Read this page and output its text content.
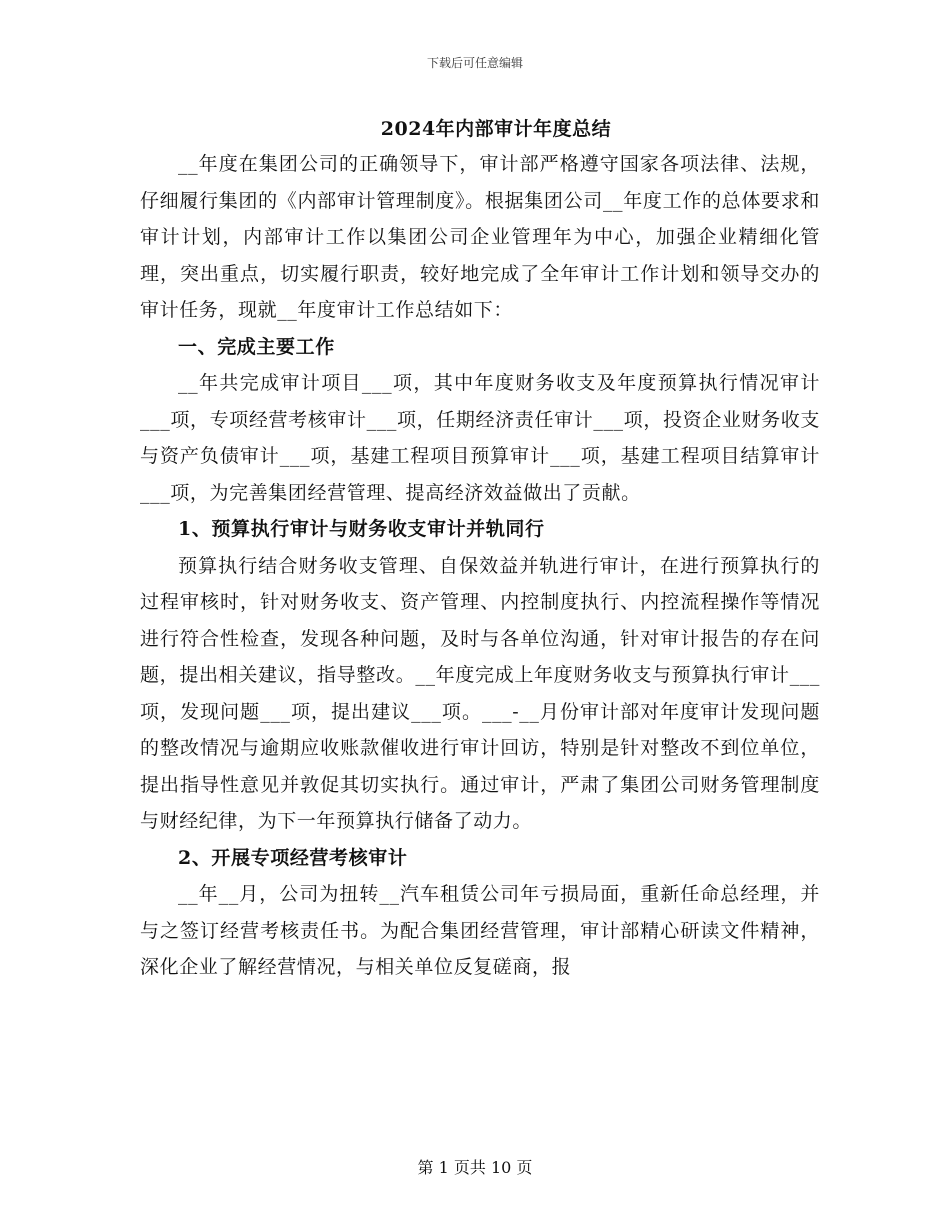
下载后可任意编辑
2024年内部审计年度总结

__年度在集团公司的正确领导下，审计部严格遵守国家各项法律、法规，仔细履行集团的《内部审计管理制度》。根据集团公司__年度工作的总体要求和审计计划，内部审计工作以集团公司企业管理年为中心，加强企业精细化管理，突出重点，切实履行职责，较好地完成了全年审计工作计划和领导交办的审计任务，现就__年度审计工作总结如下：

一、完成主要工作

__年共完成审计项目___项，其中年度财务收支及年度预算执行情况审计___项，专项经营考核审计___项，任期经济责任审计___项，投资企业财务收支与资产负债审计___项，基建工程项目预算审计___项，基建工程项目结算审计___项，为完善集团经营管理、提高经济效益做出了贡献。

1、预算执行审计与财务收支审计并轨同行

预算执行结合财务收支管理、自保效益并轨进行审计，在进行预算执行的过程审核时，针对财务收支、资产管理、内控制度执行、内控流程操作等情况进行符合性检查，发现各种问题，及时与各单位沟通，针对审计报告的存在问题，提出相关建议，指导整改。__年度完成上年度财务收支与预算执行审计___项，发现问题___项，提出建议___项。___-__月份审计部对年度审计发现问题的整改情况与逾期应收账款催收进行审计回访，特别是针对整改不到位单位，提出指导性意见并敦促其切实执行。通过审计，严肃了集团公司财务管理制度与财经纪律，为下一年预算执行储备了动力。

2、开展专项经营考核审计

__年__月，公司为扭转__汽车租赁公司年亏损局面，重新任命总经理，并与之签订经营考核责任书。为配合集团经营管理，审计部精心研读文件精神，深化企业了解经营情况，与相关单位反复磋商，报

第 1 页共 10 页
